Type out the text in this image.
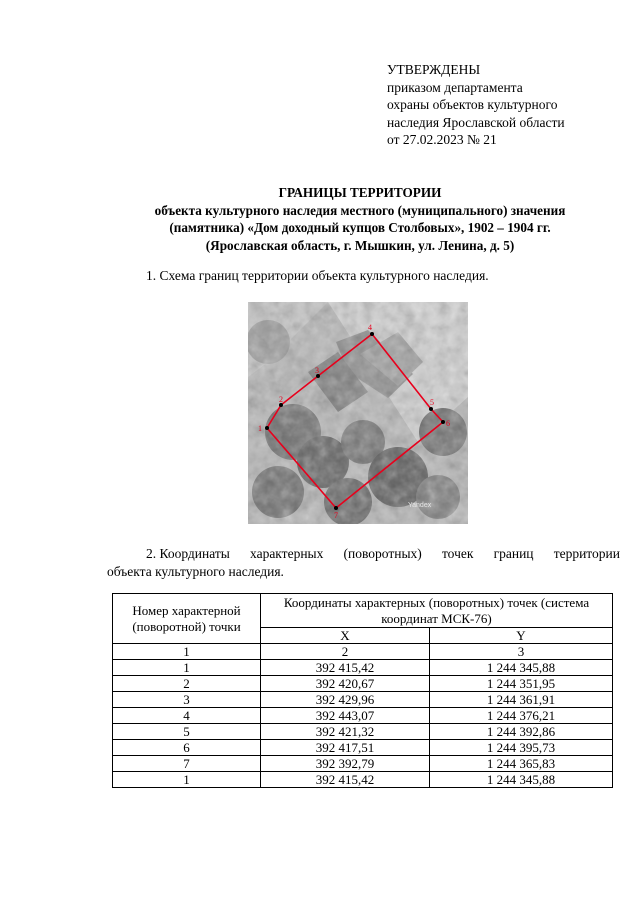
УТВЕРЖДЕНЫ
приказом департамента
охраны объектов культурного
наследия Ярославской области
от 27.02.2023 № 21
ГРАНИЦЫ ТЕРРИТОРИИ
объекта культурного наследия местного (муниципального) значения
(памятника) «Дом доходный купцов Столбовых», 1902 – 1904 гг.
(Ярославская область, г. Мышкин, ул. Ленина, д. 5)
1. Схема границ территории объекта культурного наследия.
1
2
3
4
5
6
7
Yandex
2. Координаты характерных (поворотных) точек границ территории
объекта культурного наследия.
Номер характерной (поворотной) точки	Координаты характерных (поворотных) точек (система координат МСК-76)	
	X	Y
1	2	3
1	392 415,42	1 244 345,88
2	392 420,67	1 244 351,95
3	392 429,96	1 244 361,91
4	392 443,07	1 244 376,21
5	392 421,32	1 244 392,86
6	392 417,51	1 244 395,73
7	392 392,79	1 244 365,83
1	392 415,42	1 244 345,88
